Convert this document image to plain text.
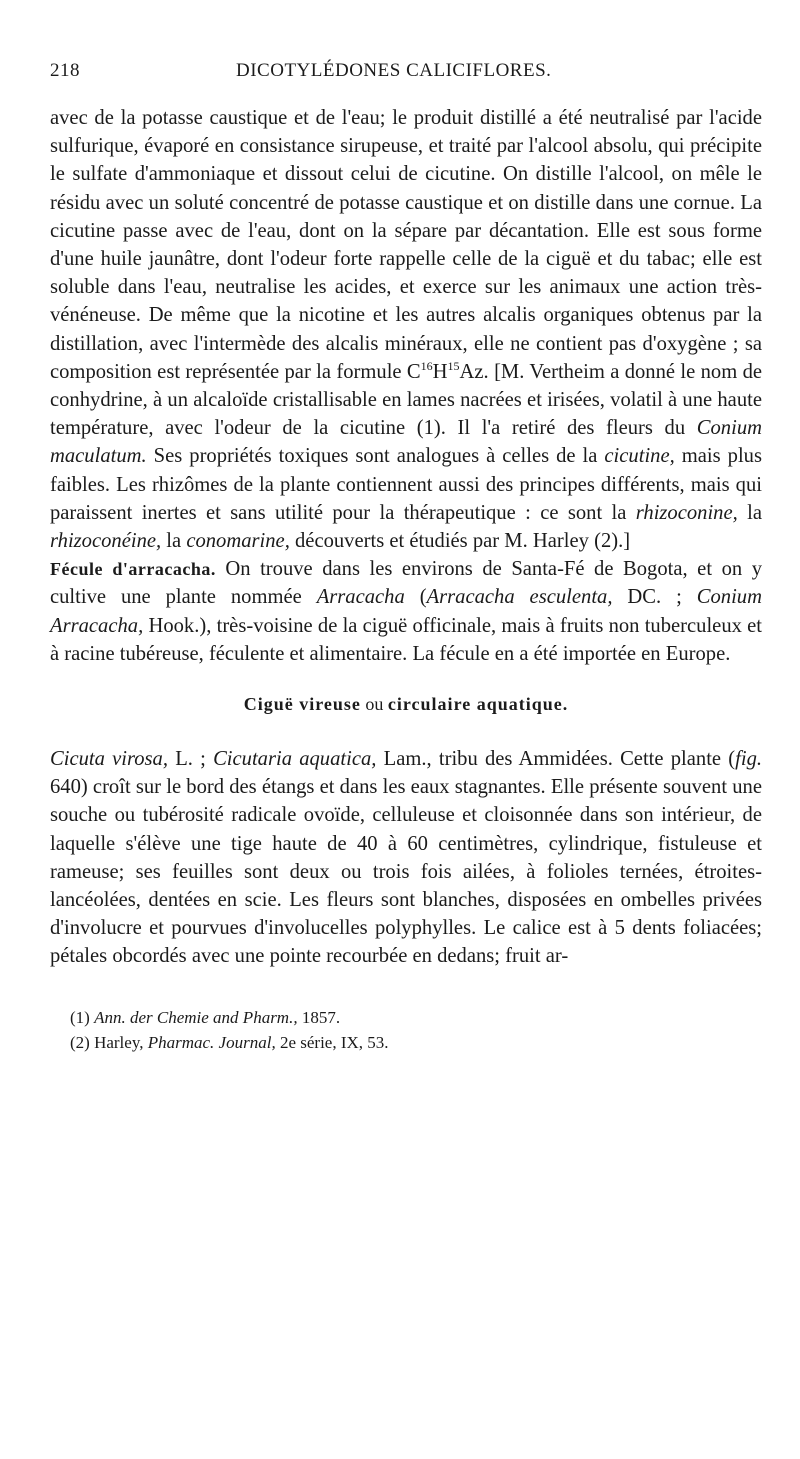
218	DICOTYLÉDONES CALICIFLORES.

avec de la potasse caustique et de l'eau; le produit distillé a été neutralisé par l'acide sulfurique, évaporé en consistance sirupeuse, et traité par l'alcool absolu, qui précipite le sulfate d'ammoniaque et dissout celui de cicutine. On distille l'alcool, on mêle le résidu avec un soluté concentré de potasse caustique et on distille dans une cornue. La cicutine passe avec de l'eau, dont on la sépare par décantation. Elle est sous forme d'une huile jaunâtre, dont l'odeur forte rappelle celle de la ciguë et du tabac; elle est soluble dans l'eau, neutralise les acides, et exerce sur les animaux une action très-vénéneuse. De même que la nicotine et les autres alcalis organiques obtenus par la distillation, avec l'intermède des alcalis minéraux, elle ne contient pas d'oxygène ; sa composition est représentée par la formule $C^{16}H^{15}Az$. [M. Vertheim a donné le nom de conhydrine, à un alcaloïde cristallisable en lames nacrées et irisées, volatil à une haute température, avec l'odeur de la cicutine (1). Il l'a retiré des fleurs du Conium maculatum. Ses propriétés toxiques sont analogues à celles de la cicutine, mais plus faibles. Les rhizômes de la plante contiennent aussi des principes différents, mais qui paraissent inertes et sans utilité pour la thérapeutique : ce sont la rhizoconine, la rhizoconéine, la conomarine, découverts et étudiés par M. Harley (2).]

Fécule d'arracacha. On trouve dans les environs de Santa-Fé de Bogota, et on y cultive une plante nommée Arracacha (Arracacha esculenta, DC. ; Conium Arracacha, Hook.), très-voisine de la ciguë officinale, mais à fruits non tuberculeux et à racine tubéreuse, féculente et alimentaire. La fécule en a été importée en Europe.

Ciguë vireuse ou circulaire aquatique.

Cicuta virosa, L. ; Cicutaria aquatica, Lam., tribu des Ammidées. Cette plante (fig. 640) croît sur le bord des étangs et dans les eaux stagnantes. Elle présente souvent une souche ou tubérosité radicale ovoïde, celluleuse et cloisonnée dans son intérieur, de laquelle s'élève une tige haute de 40 à 60 centimètres, cylindrique, fistuleuse et rameuse; ses feuilles sont deux ou trois fois ailées, à folioles ternées, étroites-lancéolées, dentées en scie. Les fleurs sont blanches, disposées en ombelles privées d'involucre et pourvues d'involucelles polyphylles. Le calice est à 5 dents foliacées; pétales obcordés avec une pointe recourbée en dedans; fruit ar-

(1) Ann. der Chemie and Pharm., 1857.
(2) Harley, Pharmac. Journal, 2e série, IX, 53.
